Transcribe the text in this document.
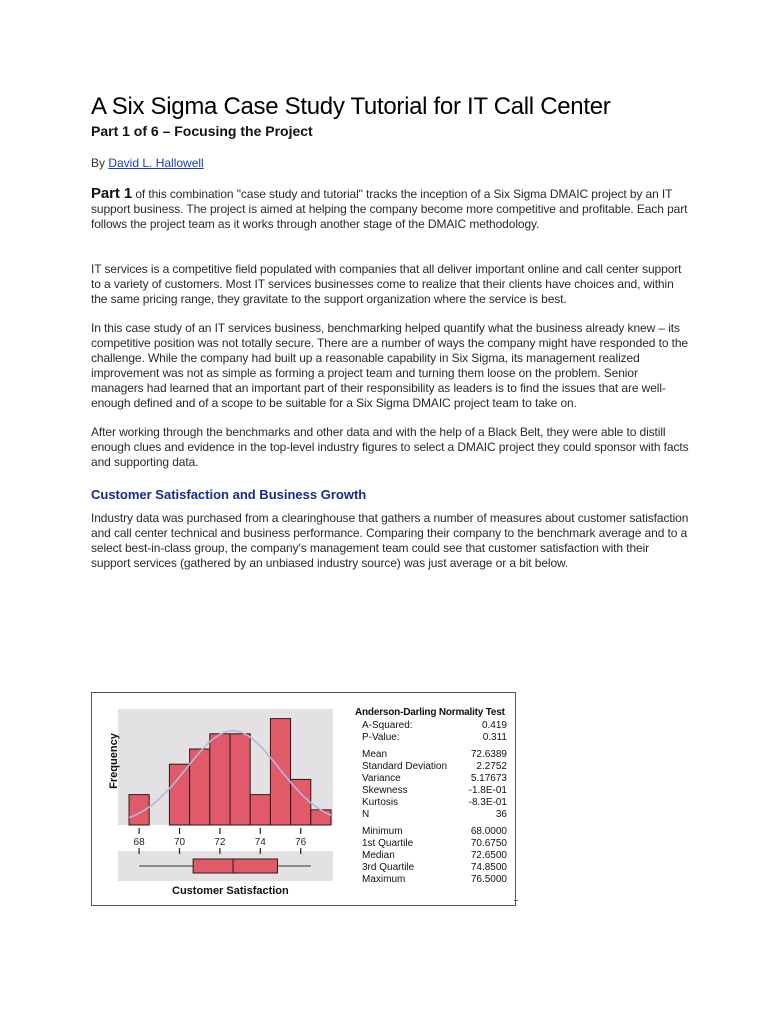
A Six Sigma Case Study Tutorial for IT Call Center
Part 1 of 6 – Focusing the Project
By David L. Hallowell

Part 1 of this combination "case study and tutorial" tracks the inception of a Six Sigma DMAIC project by an IT support business. The project is aimed at helping the company become more competitive and profitable. Each part follows the project team as it works through another stage of the DMAIC methodology.

IT services is a competitive field populated with companies that all deliver important online and call center support to a variety of customers. Most IT services businesses come to realize that their clients have choices and, within the same pricing range, they gravitate to the support organization where the service is best.

In this case study of an IT services business, benchmarking helped quantify what the business already knew – its competitive position was not totally secure. There are a number of ways the company might have responded to the challenge. While the company had built up a reasonable capability in Six Sigma, its management realized improvement was not as simple as forming a project team and turning them loose on the problem. Senior managers had learned that an important part of their responsibility as leaders is to find the issues that are well-enough defined and of a scope to be suitable for a Six Sigma DMAIC project team to take on.

After working through the benchmarks and other data and with the help of a Black Belt, they were able to distill enough clues and evidence in the top-level industry figures to select a DMAIC project they could sponsor with facts and supporting data.

Customer Satisfaction and Business Growth

Industry data was purchased from a clearinghouse that gathers a number of measures about customer satisfaction and call center technical and business performance. Comparing their company to the benchmark average and to a select best-in-class group, the company's management team could see that customer satisfaction with their support services (gathered by an unbiased industry source) was just average or a bit below.

68	70	72	74	76
Frequency
Customer Satisfaction
Anderson-Darling Normality Test
A-Squared:	0.419
P-Value:	0.311
Mean	72.6389
Standard Deviation	2.2752
Variance	5.17673
Skewness	-1.8E-01
Kurtosis	-8.3E-01
N	36
Minimum	68.0000
1st Quartile	70.6750
Median	72.6500
3rd Quartile	74.8500
Maximum	76.5000
